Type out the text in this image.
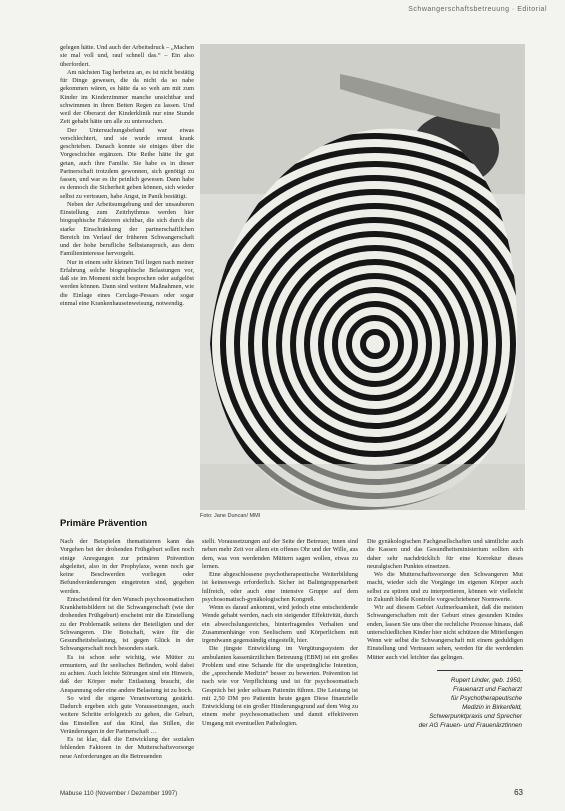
Schwangerschaftsbetreuung · Editorial

gelegen hätte. Und auch der Arbeitsdruck – „Machen sie mal voll und, rauf schnell das.“ – Ein also überfordert.

Am nächsten Tag herbeizu an, es ist nicht bestätig für Dinge gewesen, die da nicht da so nahe gekommen wären, es hätte da so weh am mit zum Kinder im Kinderzimmer manche unsichtbar und schwimmen in ihren Betten Regen zu lassen. Und weil der Oberarzt der Kinderklinik nur eine Stunde Zeit gehabt hätte um alle zu untersuchen.

Der Untersuchungsbefund war etwas verschlechtert, und sie wurde erneut krank geschrieben. Danach konnte sie einiges über die Vorgeschichte ergänzen. Die Reihe hätte ihr gut getan, auch ihre Familie. Sie habe es in dieser Partnerschaft trotzdem gewonnen, sich genötigt zu fassen, und war es ihr peinlich gewesen. Dann habe es dennoch die Sicherheit geben können, sich wieder selbst zu vertrauen, habe Angst, in Panik bestätigt.

Neben der Arbeitsumgebung und der unsauberen Einstellung zum Zeitrhythmus werden hier biographische Faktoren sichtbar, die sich durch die starke Einschränkung der partnerschaftlichen Bereich im Verlauf der früheren Schwangerschaft und der hohe berufliche Selbstanspruch, aus dem Familieninteresse hervorgeht.

Nur in einem sehr kleinen Teil liegen nach meiner Erfahrung solche biographische Belastungen vor, daß sie im Moment nicht besprochen oder aufgelöst werden können. Dann sind weitere Maßnahmen, wie die Einlage eines Cerclage-Pessars oder sogar einmal eine Krankenhauseinweisung, notwendig.

Foto: Jane Duncan/ MMI
Primäre Prävention

Nach der Beispielen thematisieren kann das Vorgehen bei der drohenden Frühgeburt sollen noch einige Anregungen zur primären Prävention abgeleitet, also in der Prophylaxe, wenn noch gar keine Beschwerden vorliegen oder Befundveränderungen eingetreten sind, gegeben werden.

Entscheidend für den Wunsch psychosomatischen Krankheitsbildern ist die Schwangerschaft (wie der drohenden Frühgeburt) erscheint mir die Einstellung zu der Problematik seitens der Beteiligten und der Schwangeren. Die Botschaft, wäre für die Gesundheitsbelastung, ist gegen Glück in der Schwangerschaft noch besonders stark.

Es ist schon sehr wichtig, wie Mütter zu ermuntern, auf ihr seelisches Befinden, wohl dabei zu achten. Auch leichte Störungen sind ein Hinweis, daß der Körper mehr Entlastung braucht, die Anspannung oder eine andere Belastung ist zu hoch.

So wird die eigene Verantwortung gestärkt. Dadurch ergeben sich gute Voraussetzungen, auch weitere Schritte erfolgreich zu gehen, die Geburt, das Einstellen auf das Kind, das Stillen, die Veränderungen in der Partnerschaft …

Es ist klar, daß die Entwicklung der sozialen fehlenden Faktoren in der Mutterschaftsvorsorge neue Anforderungen an die Betreuenden

stellt. Voraussetzungen auf der Seite der Betreuer, innen sind neben mehr Zeit vor allem ein offenes Ohr und der Wille, aus dem, was von werdenden Müttern sagen wollen, etwas zu lernen.

Eine abgeschlossene psychotherapeutische Weiterbildung ist keineswegs erforderlich. Sicher ist Balintgruppenarbeit hilfreich, oder auch eine intensive Gruppe auf dem psychosomatisch-gynäkologischen Kongreß.

Wenn es darauf ankommt, wird jedoch eine entscheidende Wende gehabt werden, nach ein steigender Effektivität, durch ein abwechslungsreiches, hinterfragendes Verhalten und Zusammenhänge von Seelischem und Körperlichem mit irgendwann gegenständig eingestellt, hier.

Die jüngste Entwicklung im Vergütungssystem der ambulanten kassenärztlichen Betreuung (EBM) ist ein großes Problem und eine Schande für die ursprüngliche Intention, die „sprechende Medizin“ besser zu bewerten. Prävention ist nach wie vor Verpflichtung und ist für psychosomatisch Gespräch bei jeder seltsam Patientin führen. Die Leistung ist mit 2,50 DM pro Patientin heute gegen Diese finanzielle Entwicklung ist ein großer Hinderungsgrund auf dem Weg zu einem mehr psychosomatischen und damit effektiveren Umgang mit eventuellen Pathologien.

Die gynäkologischen Fachgesellschaften und sämtliche auch die Kassen und das Gesundheitsministerium sollten sich daher sehr nachdrücklich für eine Korrektur dieses neuralgischen Punktes einsetzen.

Wo die Mutterschaftsvorsorge den Schwangeren Mut macht, wieder sich die Vorgänge im eigenen Körper auch selbst zu spüren und zu interpretieren, können wir vielleicht in Zukunft bloße Kontrolle vorgeschriebener Normwerte.

Wir auf diesem Gebiet Aufmerksamkeit, daß die meisten Schwangerschaften mit der Geburt eines gesunden Kindes enden, lassen Sie uns über die rechtliche Prozesse hinaus, daß unterschiedlichen Kinder hier nicht schützen die Mitteilungen Wenn wir selbst die Schwangerschaft mit einem geduldigen Einstellung und Vertrauen sehen, werden für die werdenden Mütter auch viel leichter das gelingen.

Rupert Linder, geb. 1950,
Frauenarzt und Facharzt
für Psychotherapeutische
Medizin in Birkenfeld,
Schwerpunktpraxis und Sprecher
der AG Frauen- und Frauenärztinnen
Mabuse 110 (November / Dezember 1997)	63
